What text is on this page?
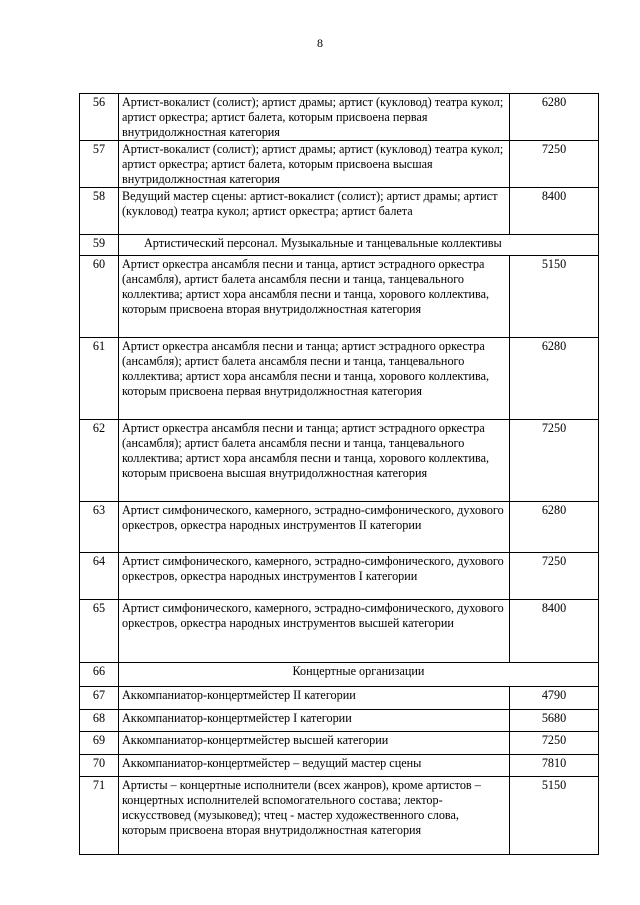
8
56	Артист-вокалист (солист); артист драмы; артист (кукловод) театра кукол; артист оркестра; артист балета, которым присвоена первая внутридолжностная категория	6280
57	Артист-вокалист (солист); артист драмы; артист (кукловод) театра кукол; артист оркестра; артист балета, которым присвоена высшая внутридолжностная категория	7250
58	Ведущий мастер сцены: артист-вокалист (солист); артист драмы; артист (кукловод) театра кукол; артист оркестра; артист балета	8400
59	Артистический персонал. Музыкальные и танцевальные коллективы	
60	Артист оркестра ансамбля песни и танца, артист эстрадного оркестра (ансамбля), артист балета ансамбля песни и танца, танцевального коллектива; артист хора ансамбля песни и танца, хорового коллектива, которым присвоена вторая внутридолжностная категория	5150
61	Артист оркестра ансамбля песни и танца; артист эстрадного оркестра (ансамбля); артист балета ансамбля песни и танца, танцевального коллектива; артист хора ансамбля песни и танца, хорового коллектива, которым присвоена первая внутридолжностная категория	6280
62	Артист оркестра ансамбля песни и танца; артист эстрадного оркестра (ансамбля); артист балета ансамбля песни и танца, танцевального коллектива; артист хора ансамбля песни и танца, хорового коллектива, которым присвоена высшая внутридолжностная категория	7250
63	Артист симфонического, камерного, эстрадно-симфонического, духового оркестров, оркестра народных инструментов II категории	6280
64	Артист симфонического, камерного, эстрадно-симфонического, духового оркестров, оркестра народных инструментов I категории	7250
65	Артист симфонического, камерного, эстрадно-симфонического, духового оркестров, оркестра народных инструментов высшей категории	8400
66	Концертные организации	
67	Аккомпаниатор-концертмейстер II категории	4790
68	Аккомпаниатор-концертмейстер I категории	5680
69	Аккомпаниатор-концертмейстер высшей категории	7250
70	Аккомпаниатор-концертмейстер – ведущий мастер сцены	7810
71	Артисты – концертные исполнители (всех жанров), кроме артистов – концертных исполнителей вспомогательного состава; лектор-искусствовед (музыковед); чтец - мастер художественного слова, которым присвоена вторая внутридолжностная категория	5150
